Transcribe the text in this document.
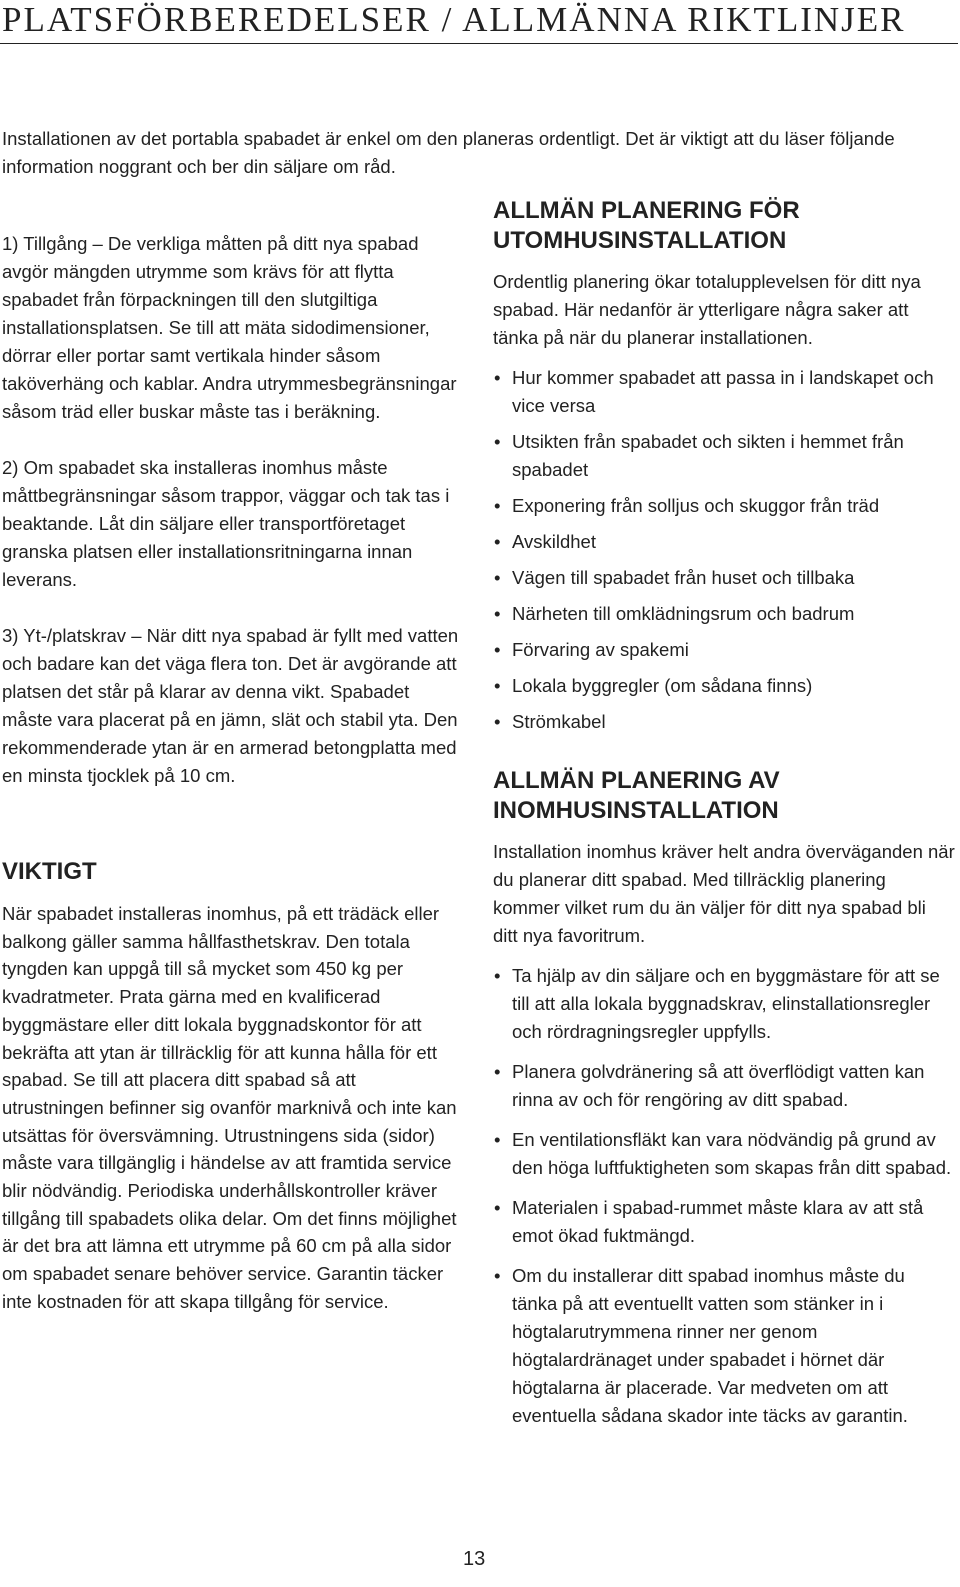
PLATSFÖRBEREDELSER / ALLMÄNNA RIKTLINJER

Installationen av det portabla spabadet är enkel om den planeras ordentligt. Det är viktigt att du läser följande information noggrant och ber din säljare om råd.

1) Tillgång – De verkliga måtten på ditt nya spabad avgör mängden utrymme som krävs för att flytta spabadet från förpackningen till den slutgiltiga installationsplatsen. Se till att mäta sidodimensioner, dörrar eller portar samt vertikala hinder såsom taköverhäng och kablar. Andra utrymmesbegränsningar såsom träd eller buskar måste tas i beräkning.

2) Om spabadet ska installeras inomhus måste måttbegränsningar såsom trappor, väggar och tak tas i beaktande. Låt din säljare eller transportföretaget granska platsen eller installationsritningarna innan leverans.

3) Yt-/platskrav – När ditt nya spabad är fyllt med vatten och badare kan det väga flera ton. Det är avgörande att platsen det står på klarar av denna vikt. Spabadet måste vara placerat på en jämn, slät och stabil yta. Den rekommenderade ytan är en armerad betongplatta med en minsta tjocklek på 10 cm.

VIKTIGT

När spabadet installeras inomhus, på ett trädäck eller balkong gäller samma hållfasthetskrav. Den totala tyngden kan uppgå till så mycket som 450 kg per kvadratmeter. Prata gärna med en kvalificerad byggmästare eller ditt lokala byggnadskontor för att bekräfta att ytan är tillräcklig för att kunna hålla för ett spabad. Se till att placera ditt spabad så att utrustningen befinner sig ovanför marknivå och inte kan utsättas för översvämning. Utrustningens sida (sidor) måste vara tillgänglig i händelse av att framtida service blir nödvändig. Periodiska underhållskontroller kräver tillgång till spabadets olika delar. Om det finns möjlighet är det bra att lämna ett utrymme på 60 cm på alla sidor om spabadet senare behöver service. Garantin täcker inte kostnaden för att skapa tillgång för service.

ALLMÄN PLANERING FÖR UTOMHUSINSTALLATION

Ordentlig planering ökar totalupplevelsen för ditt nya spabad. Här nedanför är ytterligare några saker att tänka på när du planerar installationen.

• Hur kommer spabadet att passa in i landskapet och vice versa
• Utsikten från spabadet och sikten i hemmet från spabadet
• Exponering från solljus och skuggor från träd
• Avskildhet
• Vägen till spabadet från huset och tillbaka
• Närheten till omklädningsrum och badrum
• Förvaring av spakemi
• Lokala byggregler (om sådana finns)
• Strömkabel
ALLMÄN PLANERING AV INOMHUSINSTALLATION

Installation inomhus kräver helt andra överväganden när du planerar ditt spabad. Med tillräcklig planering kommer vilket rum du än väljer för ditt nya spabad bli ditt nya favoritrum.

• Ta hjälp av din säljare och en byggmästare för att se till att alla lokala byggnadskrav, elinstallationsregler och rördragningsregler uppfylls.
• Planera golvdränering så att överflödigt vatten kan rinna av och för rengöring av ditt spabad.
• En ventilationsfläkt kan vara nödvändig på grund av den höga luftfuktigheten som skapas från ditt spabad.
• Materialen i spabad-rummet måste klara av att stå emot ökad fuktmängd.
• Om du installerar ditt spabad inomhus måste du tänka på att eventuellt vatten som stänker in i högtalarutrymmena rinner ner genom högtalardränaget under spabadet i hörnet där högtalarna är placerade. Var medveten om att eventuella sådana skador inte täcks av garantin.
13
